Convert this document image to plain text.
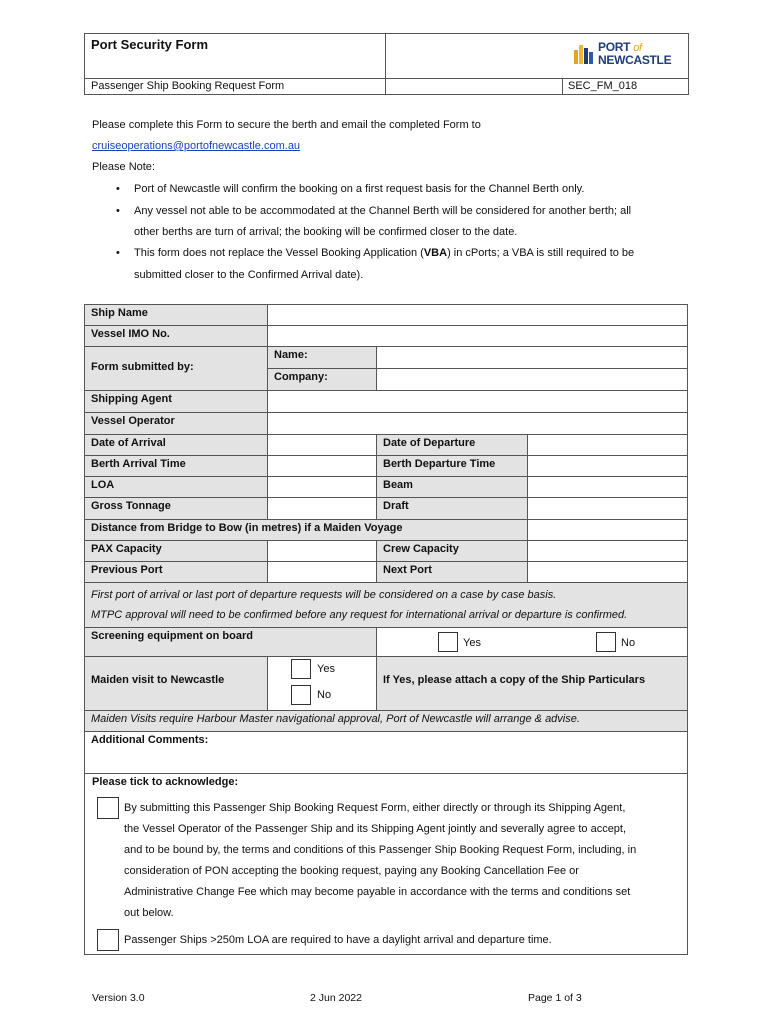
Port Security Form
Passenger Ship Booking Request Form	SEC_FM_018
PORT of
NEWCASTLE
Please complete this Form to secure the berth and email the completed Form to
cruiseoperations@portofnewcastle.com.au
Please Note:
• Port of Newcastle will confirm the booking on a first request basis for the Channel Berth only.
• Any vessel not able to be accommodated at the Channel Berth will be considered for another berth; all
other berths are turn of arrival; the booking will be confirmed closer to the date.
• This form does not replace the Vessel Booking Application (VBA) in cPorts; a VBA is still required to be
submitted closer to the Confirmed Arrival date).
Ship Name
Vessel IMO No.
Form submitted by:
Name:
Company:
Shipping Agent
Vessel Operator
Date of Arrival	Date of Departure
Berth Arrival Time	Berth Departure Time
LOA	Beam
Gross Tonnage	Draft
Distance from Bridge to Bow (in metres) if a Maiden Voyage
PAX Capacity	Crew Capacity
Previous Port	Next Port
First port of arrival or last port of departure requests will be considered on a case by case basis.
MTPC approval will need to be confirmed before any request for international arrival or departure is confirmed.
Screening equipment on board
Yes	No
Maiden visit to Newcastle
Yes
No
If Yes, please attach a copy of the Ship Particulars
Maiden Visits require Harbour Master navigational approval, Port of Newcastle will arrange & advise.
Additional Comments:
Please tick to acknowledge:
By submitting this Passenger Ship Booking Request Form, either directly or through its Shipping Agent,
the Vessel Operator of the Passenger Ship and its Shipping Agent jointly and severally agree to accept,
and to be bound by, the terms and conditions of this Passenger Ship Booking Request Form, including, in
consideration of PON accepting the booking request, paying any Booking Cancellation Fee or
Administrative Change Fee which may become payable in accordance with the terms and conditions set
out below.
Passenger Ships >250m LOA are required to have a daylight arrival and departure time.
Version 3.0	2 Jun 2022	Page 1 of 3
